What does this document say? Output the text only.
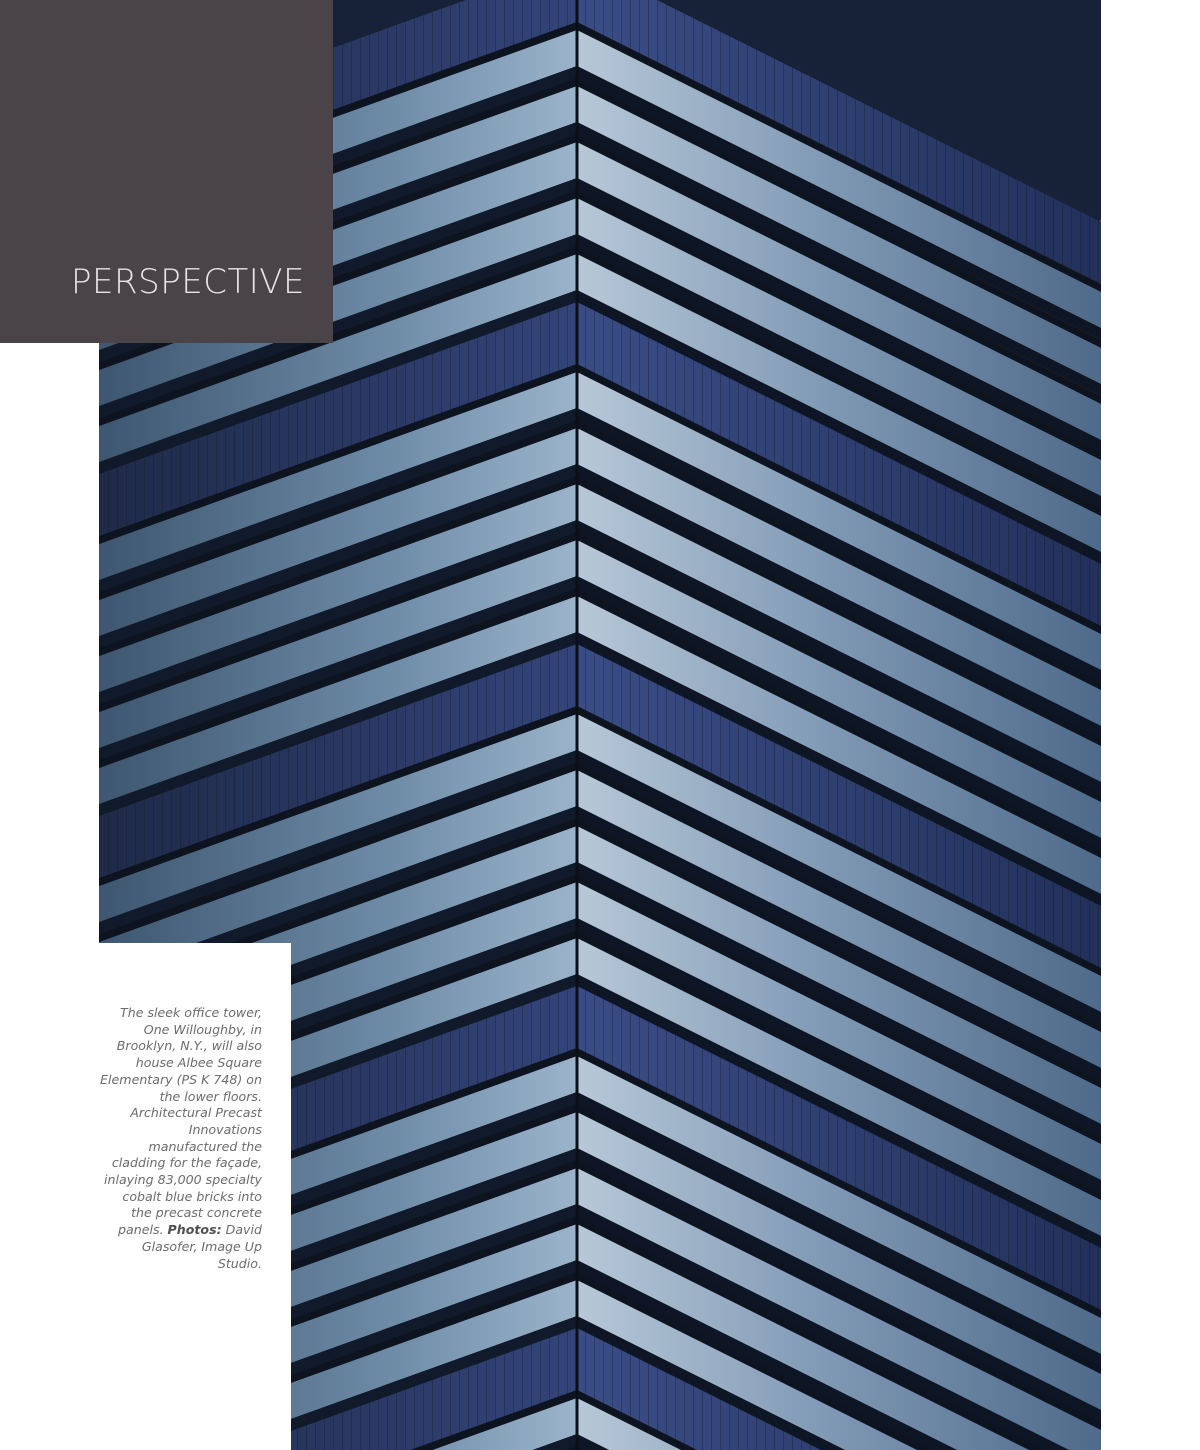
PERSPECTIVE
The sleek office tower, One Willoughby, in Brooklyn, N.Y., will also house Albee Square Elementary (PS K 748) on the lower floors. Architectural Precast Innovations manufactured the cladding for the façade, inlaying 83,000 specialty cobalt blue bricks into the precast concrete panels. Photos: David Glasofer, Image Up Studio.
